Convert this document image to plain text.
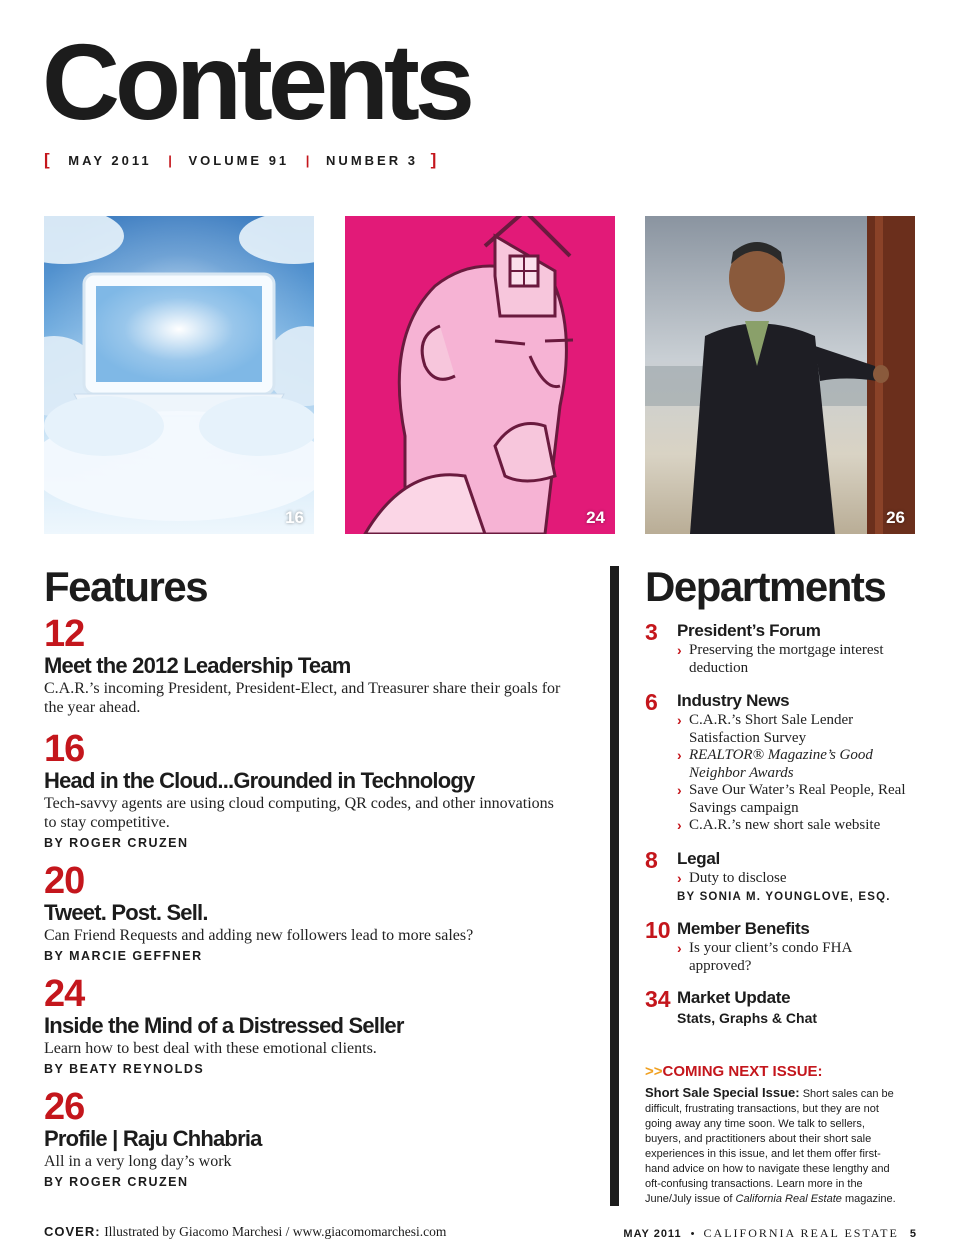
Contents
[ MAY 2011 | VOLUME 91 | NUMBER 3 ]
16	24	26
Features
12
Meet the 2012 Leadership Team
C.A.R.’s incoming President, President-Elect, and Treasurer share their goals for the year ahead.
16
Head in the Cloud...Grounded in Technology
Tech-savvy agents are using cloud computing, QR codes, and other innovations to stay competitive.
BY ROGER CRUZEN
20
Tweet. Post. Sell.
Can Friend Requests and adding new followers lead to more sales?
BY MARCIE GEFFNER
24
Inside the Mind of a Distressed Seller
Learn how to best deal with these emotional clients.
BY BEATY REYNOLDS
26
Profile | Raju Chhabria
All in a very long day’s work
BY ROGER CRUZEN
Departments
3 President’s Forum
› Preserving the mortgage interest deduction
6 Industry News
› C.A.R.’s Short Sale Lender Satisfaction Survey
› REALTOR® Magazine’s Good Neighbor Awards
› Save Our Water’s Real People, Real Savings campaign
› C.A.R.’s new short sale website
8 Legal
› Duty to disclose
BY SONIA M. YOUNGLOVE, ESQ.
10 Member Benefits
› Is your client’s condo FHA approved?
34 Market Update
Stats, Graphs & Chat
>>COMING NEXT ISSUE:
Short Sale Special Issue: Short sales can be difficult, frustrating transactions, but they are not going away any time soon. We talk to sellers, buyers, and practitioners about their short sale experiences in this issue, and let them offer first-hand advice on how to navigate these lengthy and oft-confusing transactions. Learn more in the June/July issue of California Real Estate magazine.
COVER: Illustrated by Giacomo Marchesi / www.giacomomarchesi.com	MAY 2011 • CALIFORNIA REAL ESTATE 5
